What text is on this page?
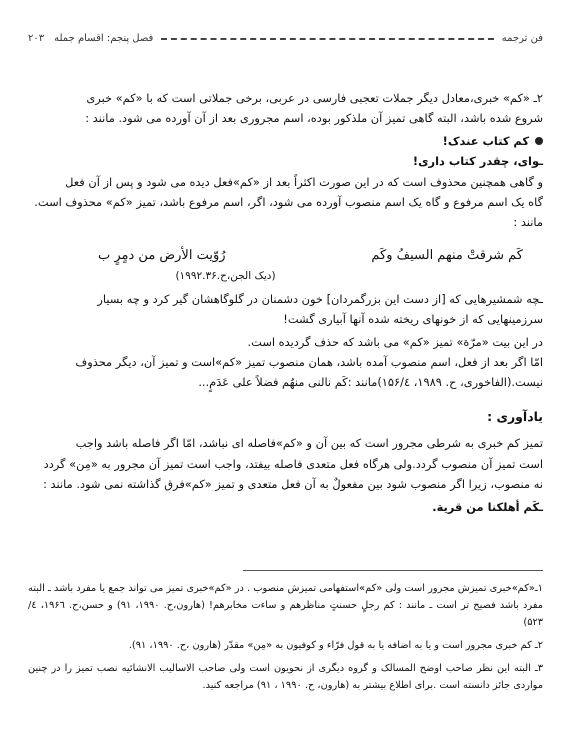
فن ترجمه
فصل پنجم: اقسام جمله
۲۰۳

۲ـ «کم» خبری،معادل دیگر جملات تعجبی فارسی در عربی، برخی جملاتی است که با «کم» خبری

شروع شده باشد، البته گاهی تمیز آن ملذکور بوده، اسم مجروری بعد از آن آورده می شود. مانند :

کم کتاب عندک!

ـوای، چقدر کتاب داری!

و گاهی همچنین محذوف است که در این صورت اکثراً بعد از «کم»فعل دیده می شود و پس از آن فعل

گاه یک اسم مرفوع و گاه یک اسم منصوب آورده می شود، اگر، اسم مرفوع باشد، تمیز «کم» محذوف است.

مانند :

کَم شرقتْ منهم السیفُ وکَم
رُوّیت الأرض من دمٍرٍ ب
(دیک الجن،ح.۱۹۹۲.۳۶)

ـچه شمشیرهایی که [از دست این بزرگمردان] خون دشمنان در گلوگاهشان گیر کرد و چه بسیار

سرزمینهایی که از خونهای ریخته شده آنها آبیاری گشت!

در این بیت «مرّة» تمیز «کم» می باشد که حذف گردیده است.

امّا اگر بعد از فعل، اسم منصوب آمده باشد، همان منصوب تمیز «کم»است و تمیز آن، دیگر محذوف

نیست.(الفاخوری، ح. ۱۹۸۹، ۱۵۶/٤)مانند :کَم نالنی منهُم فضلاً علی عَدَمٍ...

یادآوری :

تمیز کم خبری به شرطی مجرور است که بین آن و «کم»فاصله ای نباشد، امّا اگر فاصله باشد واجب

است تمیز آن منصوب گردد.ولی هرگاه فعل متعدی فاصله بیفتد، واجب است تمیز آن مجرور به «مِن» گردد

نه منصوب، زیرا اگر منصوب شود بین مفعولٌ به آن فعل متعدی و تمیز «کم»فرق گذاشته نمی شود. مانند :

ـکَم أهلکنا من قریة.

۱ـ«کم»خبری تمیزش مجرور است ولی «کم»استفهامی تمیزش منصوب . در «کم»خبری تمیز می تواند جمع یا مفرد باشد ـ البته مفرد باشد فصیح تر است ـ مانند : کم رجلٍ حسنتٍ مناظرهم و ساءت مخابرهم! (هارون،ح. ۱۹۹۰، ۹۱) و حسن،ح. ۱۹۶٦، ٤/ ۵۲۳)

۲ـ کم خبری مجرور است و یا به اضافه یا به قول فرّاء و کوفیون به «مِن» مقدّر (هارون ،ح. ۱۹۹۰، ۹۱).

۳ـ البته این نظر صاحب اوضح المسالک و گروه دیگری از نحویون است ولی صاحب الاسالیب الانشائیه نصب تمیز را در چنین مواردی جائز دانسته است .برای اطلاع بیشتر به (هارون، ح. ۱۹۹۰ ، ۹۱) مراجعه کنید.
